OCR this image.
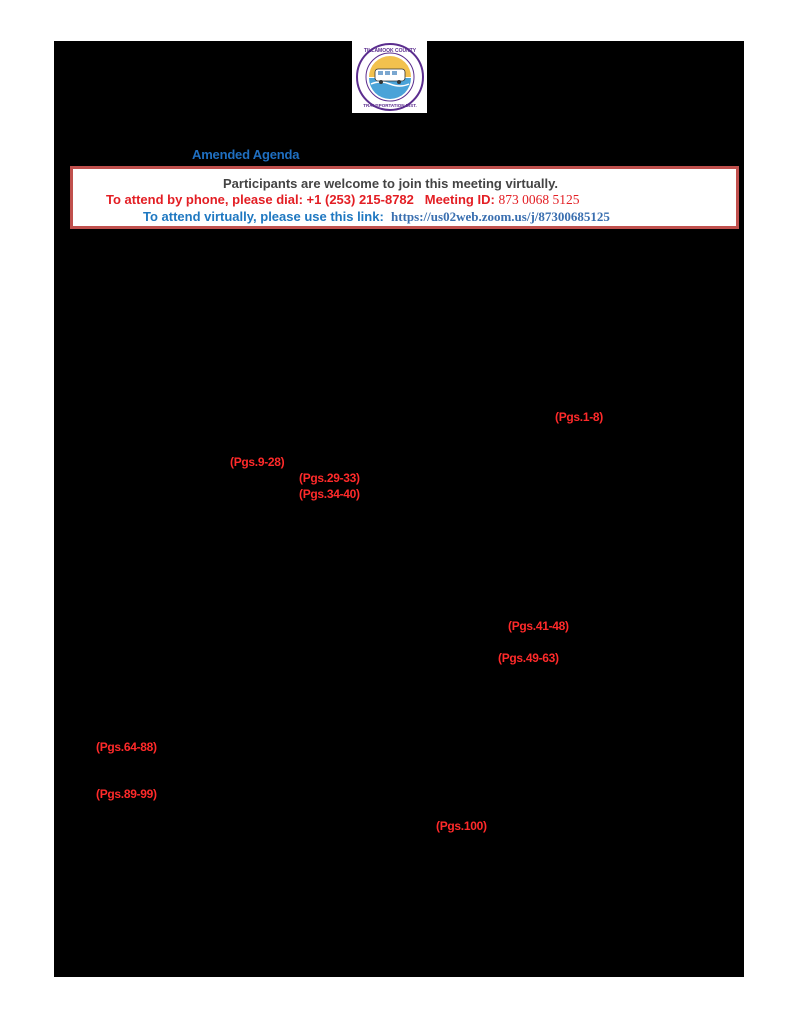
TILLAMOOK COUNTY
TRANSPORTATION DIST.
Amended Agenda
Participants are welcome to join this meeting virtually.
To attend by phone, please dial: +1 (253) 215-8782 Meeting ID: 873 0068 5125
To attend virtually, please use this link: https://us02web.zoom.us/j/87300685125
(Pgs.1-8)
(Pgs.9-28)
(Pgs.29-33)
(Pgs.34-40)
(Pgs.41-48)
(Pgs.49-63)
(Pgs.64-88)
(Pgs.89-99)
(Pgs.100)
